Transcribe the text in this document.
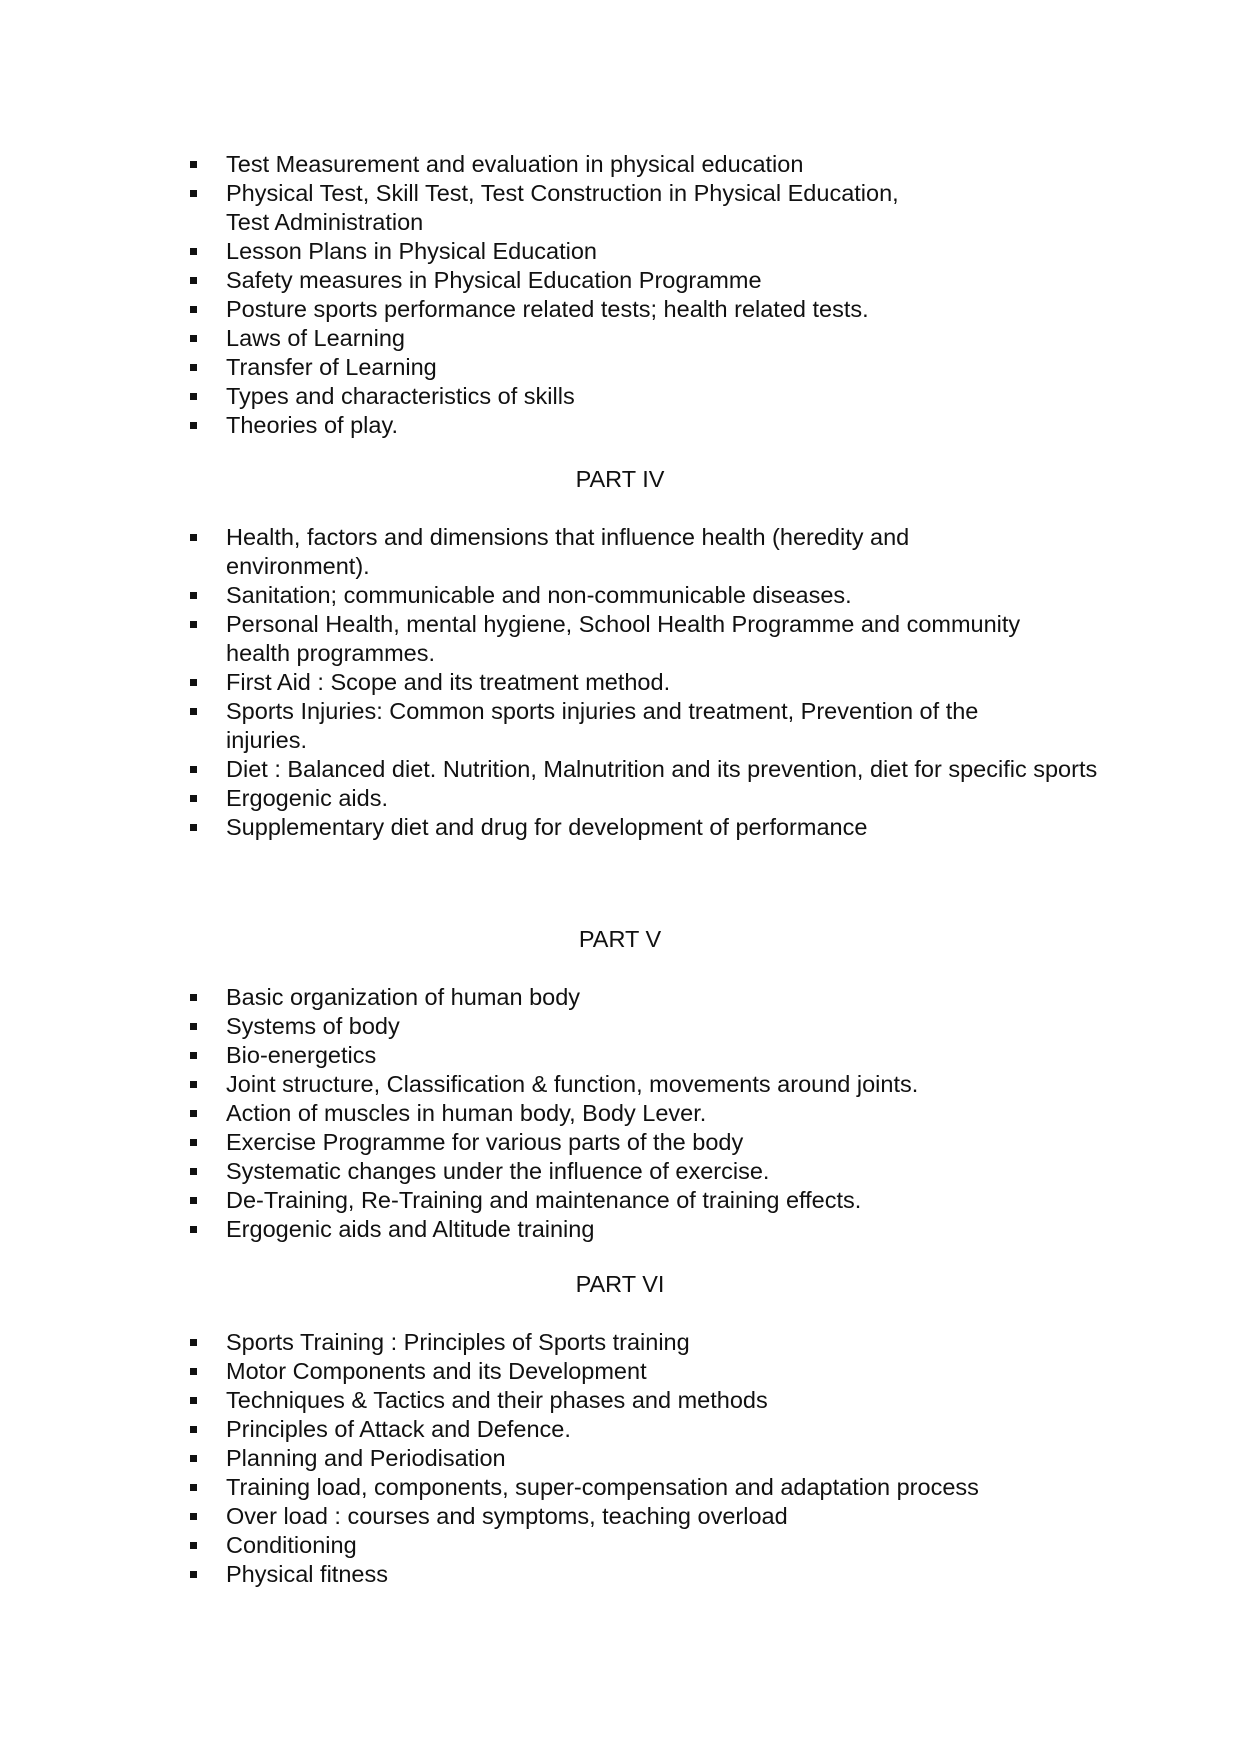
Test Measurement and evaluation in physical education
Physical Test, Skill Test, Test Construction in Physical Education, Test Administration
Lesson Plans in Physical Education
Safety measures in Physical Education Programme
Posture sports performance related tests; health related tests.
Laws of Learning
Transfer of Learning
Types and characteristics of skills
Theories of play.
PART IV
Health, factors and dimensions that influence health (heredity and environment).
Sanitation; communicable and non-communicable diseases.
Personal Health, mental hygiene, School Health Programme and community health programmes.
First Aid : Scope and its treatment method.
Sports Injuries: Common sports injuries and treatment, Prevention of the injuries.
Diet : Balanced diet. Nutrition, Malnutrition and its prevention, diet for specific sports
Ergogenic aids.
Supplementary diet and drug for development of performance
PART V
Basic organization of human body
Systems of body
Bio-energetics
Joint structure, Classification & function, movements around joints.
Action of muscles in human body, Body Lever.
Exercise Programme for various parts of the body
Systematic changes under the influence of exercise.
De-Training, Re-Training and maintenance of training effects.
Ergogenic aids and Altitude training
PART VI
Sports Training : Principles of Sports training
Motor Components and its Development
Techniques & Tactics and their phases and methods
Principles of Attack and Defence.
Planning and Periodisation
Training load, components, super-compensation and adaptation process
Over load : courses and symptoms, teaching overload
Conditioning
Physical fitness
